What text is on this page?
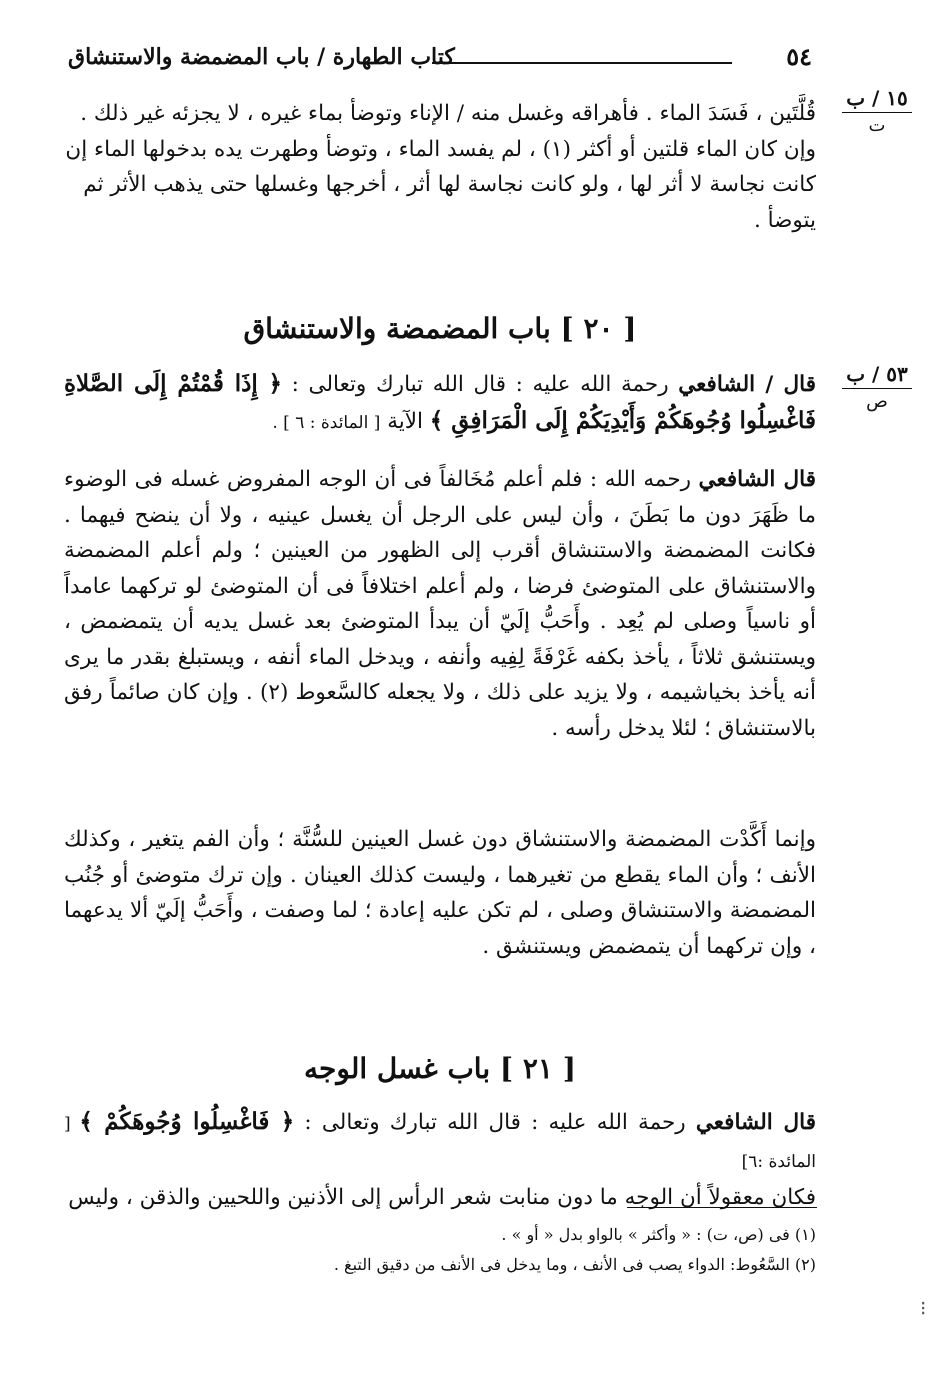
كتاب الطهارة / باب المضمضة والاستنشاق	٥٤
١٥ / ب
ت
٥٣ / ب
ص

قُلَّتَين ، فَسَدَ الماء . فأهراقه وغسل منه / الإناء وتوضأ بماء غيره ، لا يجزئه غير ذلك .

وإن كان الماء قلتين أو أكثر (١) ، لم يفسد الماء ، وتوضأ وطهرت يده بدخولها الماء إن

كانت نجاسة لا أثر لها ، ولو كانت نجاسة لها أثر ، أخرجها وغسلها حتى يذهب الأثر ثم

يتوضأ .

[ ٢٠ ] باب المضمضة والاستنشاق

قال / الشافعي رحمة الله عليه : قال الله تبارك وتعالى : ﴿ إِذَا قُمْتُمْ إِلَى الصَّلاةِ فَاغْسِلُوا وُجُوهَكُمْ وَأَيْدِيَكُمْ إِلَى الْمَرَافِقِ ﴾ الآية [ المائدة : ٦ ] .

قال الشافعي رحمه الله : فلم أعلم مُخَالفاً فى أن الوجه المفروض غسله فى الوضوء ما ظَهَرَ دون ما بَطَنَ ، وأن ليس على الرجل أن يغسل عينيه ، ولا أن ينضح فيهما . فكانت المضمضة والاستنشاق أقرب إلى الظهور من العينين ؛ ولم أعلم المضمضة والاستنشاق على المتوضئ فرضا ، ولم أعلم اختلافاً فى أن المتوضئ لو تركهما عامداً أو ناسياً وصلى لم يُعِد . وأَحَبُّ إلَيّ أن يبدأ المتوضئ بعد غسل يديه أن يتمضمض ، ويستنشق ثلاثاً ، يأخذ بكفه غَرْفَةً لِفِيه وأنفه ، ويدخل الماء أنفه ، ويستبلغ بقدر ما يرى أنه يأخذ بخياشيمه ، ولا يزيد على ذلك ، ولا يجعله كالسَّعوط (٢) . وإن كان صائماً رفق بالاستنشاق ؛ لئلا يدخل رأسه .

وإنما أَكَّدْت المضمضة والاستنشاق دون غسل العينين للسُّنَّة ؛ وأن الفم يتغير ، وكذلك الأنف ؛ وأن الماء يقطع من تغيرهما ، وليست كذلك العينان . وإن ترك متوضئ أو جُنُب المضمضة والاستنشاق وصلى ، لم تكن عليه إعادة ؛ لما وصفت ، وأَحَبُّ إلَيّ ألا يدعهما ، وإن تركهما أن يتمضمض ويستنشق .

[ ٢١ ] باب غسل الوجه

قال الشافعي رحمة الله عليه : قال الله تبارك وتعالى : ﴿ فَاغْسِلُوا وُجُوهَكُمْ ﴾ [ المائدة :٦]

فكان معقولاً أن الوجه ما دون منابت شعر الرأس إلى الأذنين واللحيين والذقن ، وليس

(١) فى (ص، ت) : « وأكثر » بالواو بدل « أو » .

(٢) السَّعُوط: الدواء يصب فى الأنف ، وما يدخل فى الأنف من دقيق التبغ .

⁝
